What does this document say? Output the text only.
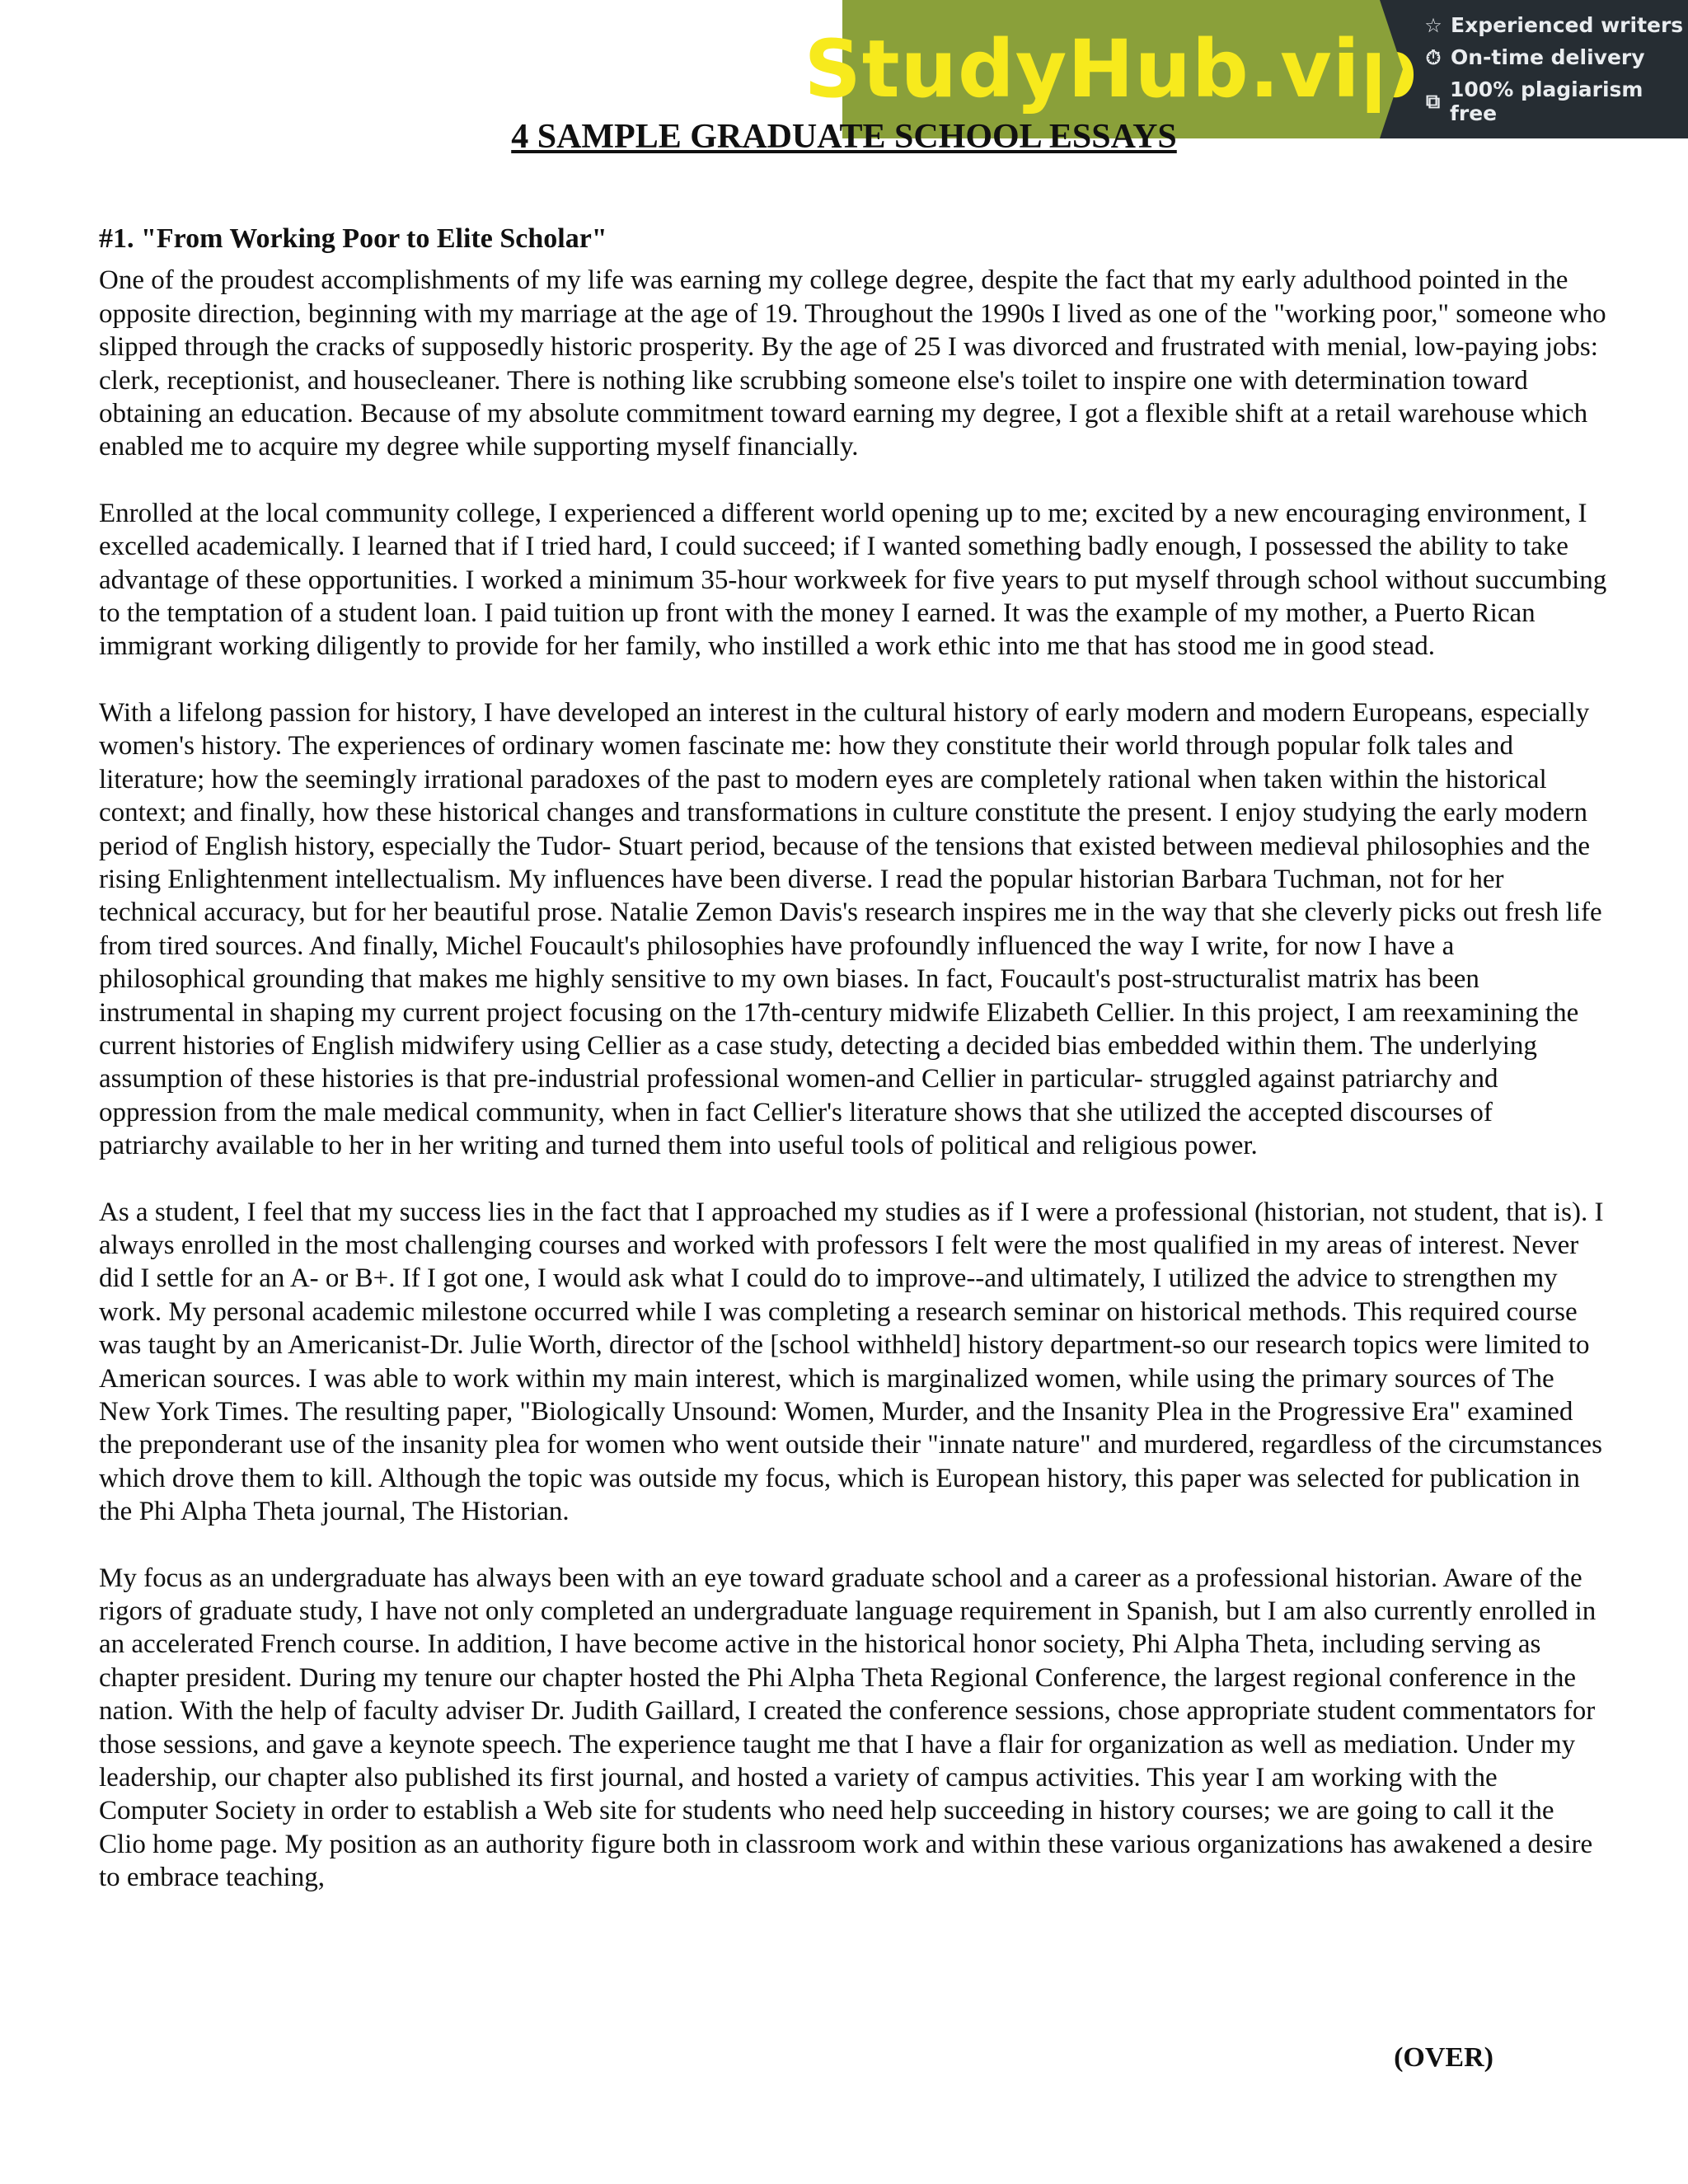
StudyHub.vip ☆ Experienced writers
⏱ On-time delivery
⧉ 100% plagiarism free
4 SAMPLE GRADUATE SCHOOL ESSAYS

#1. "From Working Poor to Elite Scholar"

One of the proudest accomplishments of my life was earning my college degree, despite the fact that my early adulthood pointed in the opposite direction, beginning with my marriage at the age of 19. Throughout the 1990s I lived as one of the "working poor," someone who slipped through the cracks of supposedly historic prosperity. By the age of 25 I was divorced and frustrated with menial, low-paying jobs: clerk, receptionist, and housecleaner. There is nothing like scrubbing someone else's toilet to inspire one with determination toward obtaining an education. Because of my absolute commitment toward earning my degree, I got a flexible shift at a retail warehouse which enabled me to acquire my degree while supporting myself financially.

Enrolled at the local community college, I experienced a different world opening up to me; excited by a new encouraging environment, I excelled academically. I learned that if I tried hard, I could succeed; if I wanted something badly enough, I possessed the ability to take advantage of these opportunities. I worked a minimum 35-hour workweek for five years to put myself through school without succumbing to the temptation of a student loan. I paid tuition up front with the money I earned. It was the example of my mother, a Puerto Rican immigrant working diligently to provide for her family, who instilled a work ethic into me that has stood me in good stead.

With a lifelong passion for history, I have developed an interest in the cultural history of early modern and modern Europeans, especially women's history. The experiences of ordinary women fascinate me: how they constitute their world through popular folk tales and literature; how the seemingly irrational paradoxes of the past to modern eyes are completely rational when taken within the historical context; and finally, how these historical changes and transformations in culture constitute the present. I enjoy studying the early modern period of English history, especially the Tudor- Stuart period, because of the tensions that existed between medieval philosophies and the rising Enlightenment intellectualism. My influences have been diverse. I read the popular historian Barbara Tuchman, not for her technical accuracy, but for her beautiful prose. Natalie Zemon Davis's research inspires me in the way that she cleverly picks out fresh life from tired sources. And finally, Michel Foucault's philosophies have profoundly influenced the way I write, for now I have a philosophical grounding that makes me highly sensitive to my own biases. In fact, Foucault's post-structuralist matrix has been instrumental in shaping my current project focusing on the 17th-century midwife Elizabeth Cellier. In this project, I am reexamining the current histories of English midwifery using Cellier as a case study, detecting a decided bias embedded within them. The underlying assumption of these histories is that pre-industrial professional women-and Cellier in particular- struggled against patriarchy and oppression from the male medical community, when in fact Cellier's literature shows that she utilized the accepted discourses of patriarchy available to her in her writing and turned them into useful tools of political and religious power.

As a student, I feel that my success lies in the fact that I approached my studies as if I were a professional (historian, not student, that is). I always enrolled in the most challenging courses and worked with professors I felt were the most qualified in my areas of interest. Never did I settle for an A- or B+. If I got one, I would ask what I could do to improve--and ultimately, I utilized the advice to strengthen my work. My personal academic milestone occurred while I was completing a research seminar on historical methods. This required course was taught by an Americanist-Dr. Julie Worth, director of the [school withheld] history department-so our research topics were limited to American sources. I was able to work within my main interest, which is marginalized women, while using the primary sources of The New York Times. The resulting paper, "Biologically Unsound: Women, Murder, and the Insanity Plea in the Progressive Era" examined the preponderant use of the insanity plea for women who went outside their "innate nature" and murdered, regardless of the circumstances which drove them to kill. Although the topic was outside my focus, which is European history, this paper was selected for publication in the Phi Alpha Theta journal, The Historian.

My focus as an undergraduate has always been with an eye toward graduate school and a career as a professional historian. Aware of the rigors of graduate study, I have not only completed an undergraduate language requirement in Spanish, but I am also currently enrolled in an accelerated French course. In addition, I have become active in the historical honor society, Phi Alpha Theta, including serving as chapter president. During my tenure our chapter hosted the Phi Alpha Theta Regional Conference, the largest regional conference in the nation. With the help of faculty adviser Dr. Judith Gaillard, I created the conference sessions, chose appropriate student commentators for those sessions, and gave a keynote speech. The experience taught me that I have a flair for organization as well as mediation. Under my leadership, our chapter also published its first journal, and hosted a variety of campus activities. This year I am working with the Computer Society in order to establish a Web site for students who need help succeeding in history courses; we are going to call it the Clio home page. My position as an authority figure both in classroom work and within these various organizations has awakened a desire to embrace teaching,

(OVER)
